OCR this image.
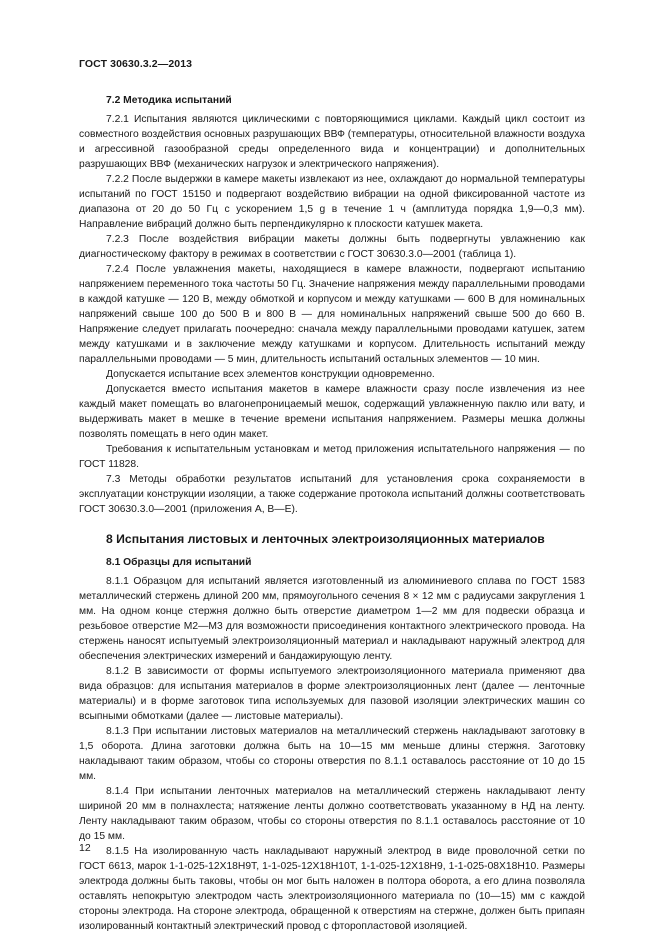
ГОСТ 30630.3.2—2013
7.2 Методика испытаний

7.2.1 Испытания являются циклическими с повторяющимися циклами. Каждый цикл состоит из совместного воздействия основных разрушающих ВВФ (температуры, относительной влажности воздуха и агрессивной газообразной среды определенного вида и концентрации) и дополнительных разрушающих ВВФ (механических нагрузок и электрического напряжения).

7.2.2 После выдержки в камере макеты извлекают из нее, охлаждают до нормальной температуры испытаний по ГОСТ 15150 и подвергают воздействию вибрации на одной фиксированной частоте из диапазона от 20 до 50 Гц с ускорением 1,5 g в течение 1 ч (амплитуда порядка 1,9—0,3 мм). Направление вибраций должно быть перпендикулярно к плоскости катушек макета.

7.2.3 После воздействия вибрации макеты должны быть подвергнуты увлажнению как диагностическому фактору в режимах в соответствии с ГОСТ 30630.3.0—2001 (таблица 1).

7.2.4 После увлажнения макеты, находящиеся в камере влажности, подвергают испытанию напряжением переменного тока частоты 50 Гц. Значение напряжения между параллельными проводами в каждой катушке — 120 В, между обмоткой и корпусом и между катушками — 600 В для номинальных напряжений свыше 100 до 500 В и 800 В — для номинальных напряжений свыше 500 до 660 В. Напряжение следует прилагать поочередно: сначала между параллельными проводами катушек, затем между катушками и в заключение между катушками и корпусом. Длительность испытаний между параллельными проводами — 5 мин, длительность испытаний остальных элементов — 10 мин.

Допускается испытание всех элементов конструкции одновременно.

Допускается вместо испытания макетов в камере влажности сразу после извлечения из нее каждый макет помещать во влагонепроницаемый мешок, содержащий увлажненную паклю или вату, и выдерживать макет в мешке в течение времени испытания напряжением. Размеры мешка должны позволять помещать в него один макет.

Требования к испытательным установкам и метод приложения испытательного напряжения — по ГОСТ 11828.

7.3 Методы обработки результатов испытаний для установления срока сохраняемости в эксплуатации конструкции изоляции, а также содержание протокола испытаний должны соответствовать ГОСТ 30630.3.0—2001 (приложения А, В—Е).

8 Испытания листовых и ленточных электроизоляционных материалов
8.1 Образцы для испытаний

8.1.1 Образцом для испытаний является изготовленный из алюминиевого сплава по ГОСТ 1583 металлический стержень длиной 200 мм, прямоугольного сечения 8 × 12 мм с радиусами закругления 1 мм. На одном конце стержня должно быть отверстие диаметром 1—2 мм для подвески образца и резьбовое отверстие М2—М3 для возможности присоединения контактного электрического провода. На стержень наносят испытуемый электроизоляционный материал и накладывают наружный электрод для обеспечения электрических измерений и бандажирующую ленту.

8.1.2 В зависимости от формы испытуемого электроизоляционного материала применяют два вида образцов: для испытания материалов в форме электроизоляционных лент (далее — ленточные материалы) и в форме заготовок типа используемых для пазовой изоляции электрических машин со всыпными обмотками (далее — листовые материалы).

8.1.3 При испытании листовых материалов на металлический стержень накладывают заготовку в 1,5 оборота. Длина заготовки должна быть на 10—15 мм меньше длины стержня. Заготовку накладывают таким образом, чтобы со стороны отверстия по 8.1.1 оставалось расстояние от 10 до 15 мм.

8.1.4 При испытании ленточных материалов на металлический стержень накладывают ленту шириной 20 мм в полнахлеста; натяжение ленты должно соответствовать указанному в НД на ленту. Ленту накладывают таким образом, чтобы со стороны отверстия по 8.1.1 оставалось расстояние от 10 до 15 мм.

8.1.5 На изолированную часть накладывают наружный электрод в виде проволочной сетки по ГОСТ 6613, марок 1-1-025-12Х18Н9Т, 1-1-025-12Х18Н10Т, 1-1-025-12Х18Н9, 1-1-025-08Х18Н10. Размеры электрода должны быть таковы, чтобы он мог быть наложен в полтора оборота, а его длина позволяла оставлять непокрытую электродом часть электроизоляционного материала по (10—15) мм с каждой стороны электрода. На стороне электрода, обращенной к отверстиям на стержне, должен быть припаян изолированный контактный электрический провод с фторопластовой изоляцией.

12
